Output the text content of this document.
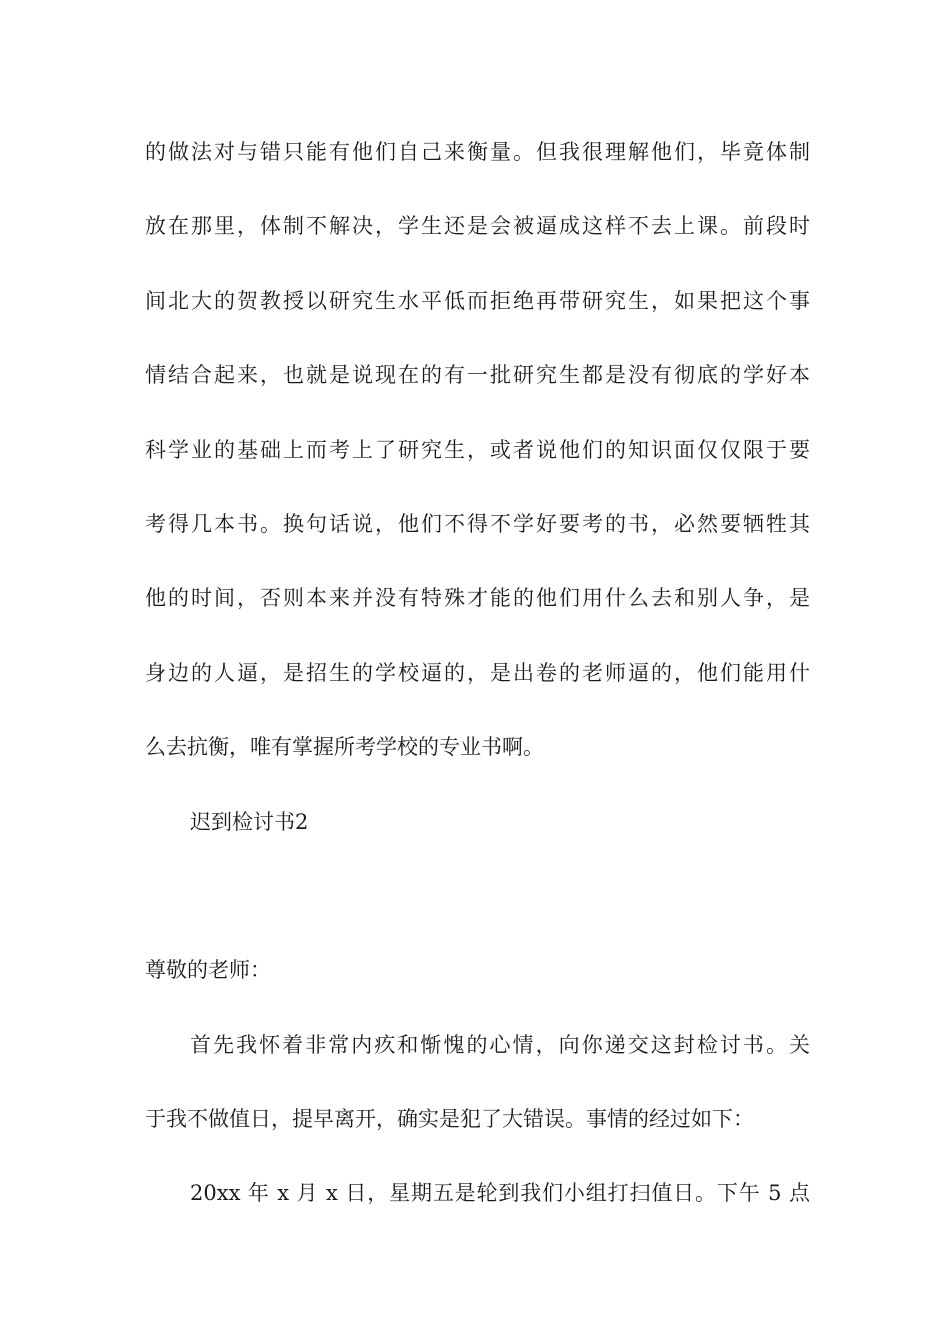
的做法对与错只能有他们自己来衡量。但我很理解他们，毕竟体制
放在那里，体制不解决，学生还是会被逼成这样不去上课。前段时
间北大的贺教授以研究生水平低而拒绝再带研究生，如果把这个事
情结合起来，也就是说现在的有一批研究生都是没有彻底的学好本
科学业的基础上而考上了研究生，或者说他们的知识面仅仅限于要
考得几本书。换句话说，他们不得不学好要考的书，必然要牺牲其
他的时间，否则本来并没有特殊才能的他们用什么去和别人争，是
身边的人逼，是招生的学校逼的，是出卷的老师逼的，他们能用什
么去抗衡，唯有掌握所考学校的专业书啊。
迟到检讨书2
尊敬的老师：
首先我怀着非常内疚和惭愧的心情，向你递交这封检讨书。关
于我不做值日，提早离开，确实是犯了大错误。事情的经过如下：
20xx 年 x 月 x 日，星期五是轮到我们小组打扫值日。下午 5 点
